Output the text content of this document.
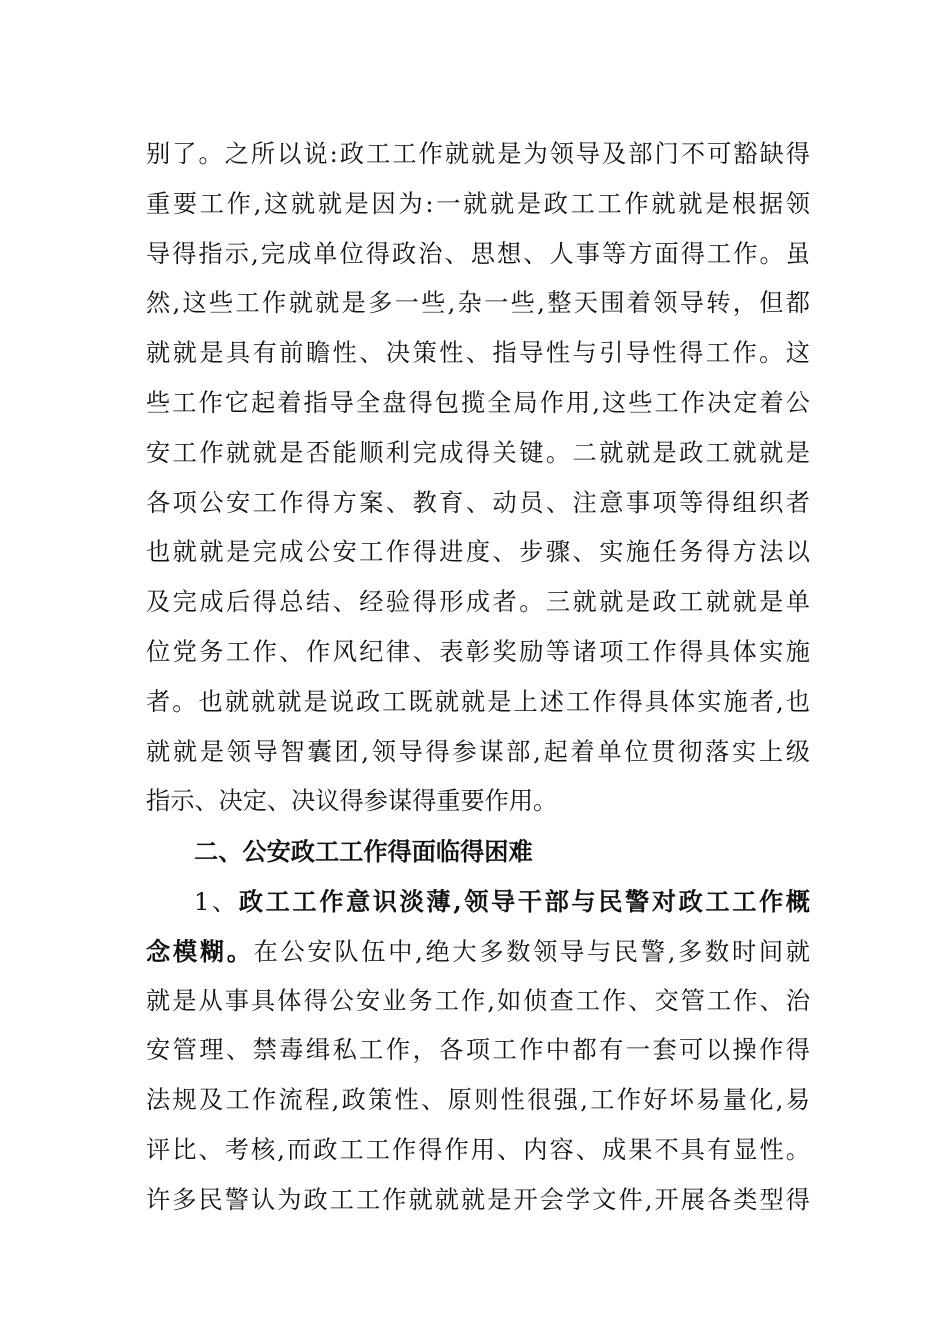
别了。之所以说:政工工作就就是为领导及部门不可豁缺得
重要工作,这就就是因为:一就就是政工工作就就是根据领
导得指示,完成单位得政治、思想、人事等方面得工作。虽
然,这些工作就就是多一些,杂一些,整天围着领导转，但都
就就是具有前瞻性、决策性、指导性与引导性得工作。这
些工作它起着指导全盘得包揽全局作用,这些工作决定着公
安工作就就是否能顺利完成得关键。二就就是政工就就是
各项公安工作得方案、教育、动员、注意事项等得组织者
也就就是完成公安工作得进度、步骤、实施任务得方法以
及完成后得总结、经验得形成者。三就就是政工就就是单
位党务工作、作风纪律、表彰奖励等诸项工作得具体实施
者。也就就就是说政工既就就是上述工作得具体实施者,也
就就是领导智囊团,领导得参谋部,起着单位贯彻落实上级
指示、决定、决议得参谋得重要作用。
二、公安政工工作得面临得困难
1、政工工作意识淡薄,领导干部与民警对政工工作概
念模糊。在公安队伍中,绝大多数领导与民警,多数时间就
就是从事具体得公安业务工作,如侦查工作、交管工作、治
安管理、禁毒缉私工作，各项工作中都有一套可以操作得
法规及工作流程,政策性、原则性很强,工作好坏易量化,易
评比、考核,而政工工作得作用、内容、成果不具有显性。
许多民警认为政工工作就就就是开会学文件,开展各类型得
